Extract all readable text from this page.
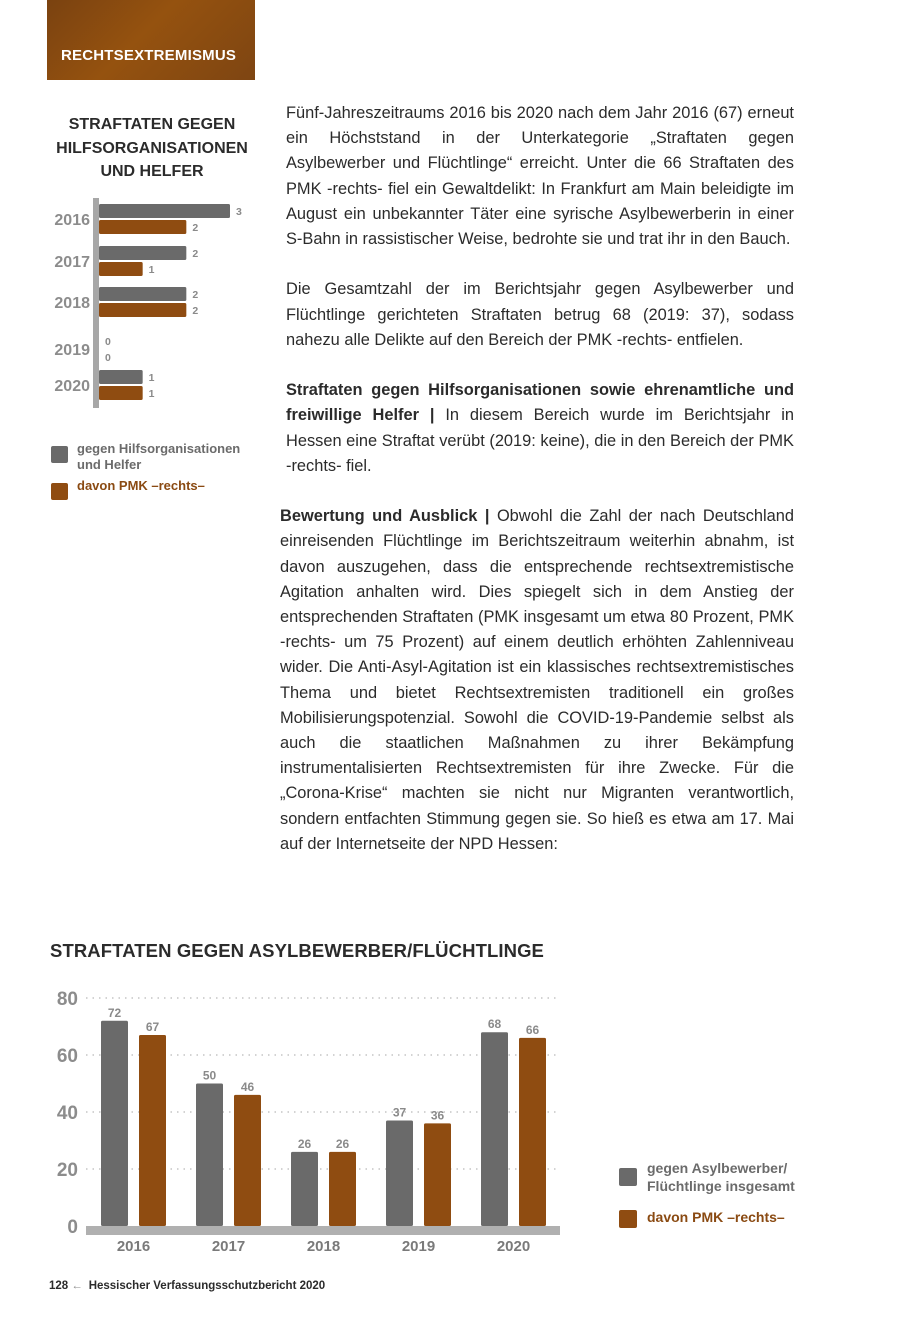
RECHTSEXTREMISMUS
STRAFTATEN GEGEN
HILFSORGANISATIONEN
UND HELFER
3
2
2016
2
1
2017
2
2
2018
0
0
2019
1
1
2020
gegen Hilfsorganisationen
und Helfer
davon PMK –rechts–

Fünf-Jahreszeitraums 2016 bis 2020 nach dem Jahr 2016 (67) erneut ein Höchststand in der Unterkategorie „Straftaten gegen Asylbewerber und Flüchtlinge“ erreicht. Unter die 66 Straftaten des PMK -rechts- fiel ein Gewaltdelikt: In Frankfurt am Main beleidigte im August ein unbekannter Täter eine syrische Asylbewerberin in einer S-Bahn in rassistischer Weise, bedrohte sie und trat ihr in den Bauch.

Die Gesamtzahl der im Berichtsjahr gegen Asylbewerber und Flüchtlinge gerichteten Straftaten betrug 68 (2019: 37), sodass nahezu alle Delikte auf den Bereich der PMK -rechts- entfielen.

Straftaten gegen Hilfsorganisationen sowie ehrenamtliche und freiwillige Helfer | In diesem Bereich wurde im Berichtsjahr in Hessen eine Straftat verübt (2019: keine), die in den Bereich der PMK -rechts- fiel.

Bewertung und Ausblick | Obwohl die Zahl der nach Deutschland einreisenden Flüchtlinge im Berichtszeitraum weiterhin abnahm, ist davon auszugehen, dass die entsprechende rechtsextremistische Agitation anhalten wird. Dies spiegelt sich in dem Anstieg der entsprechenden Straftaten (PMK insgesamt um etwa 80 Prozent, PMK -rechts- um 75 Prozent) auf einem deutlich erhöhten Zahlenniveau wider. Die Anti-Asyl-Agitation ist ein klassisches rechtsextremistisches Thema und bietet Rechtsextremisten traditionell ein großes Mobilisierungspotenzial. Sowohl die COVID-19-Pandemie selbst als auch die staatlichen Maßnahmen zu ihrer Bekämpfung instrumentalisierten Rechtsextremisten für ihre Zwecke. Für die „Corona-Krise“ machten sie nicht nur Migranten verantwortlich, sondern entfachten Stimmung gegen sie. So hieß es etwa am 17. Mai auf der Internetseite der NPD Hessen:

STRAFTATEN GEGEN ASYLBEWERBER/FLÜCHTLINGE
0
20
40
60
80
72
67
2016
50
46
2017
26 26
2018
37 36
2019
68 66
2020
gegen Asylbewerber/
Flüchtlinge insgesamt
davon PMK –rechts–
128 ← Hessischer Verfassungsschutzbericht 2020
